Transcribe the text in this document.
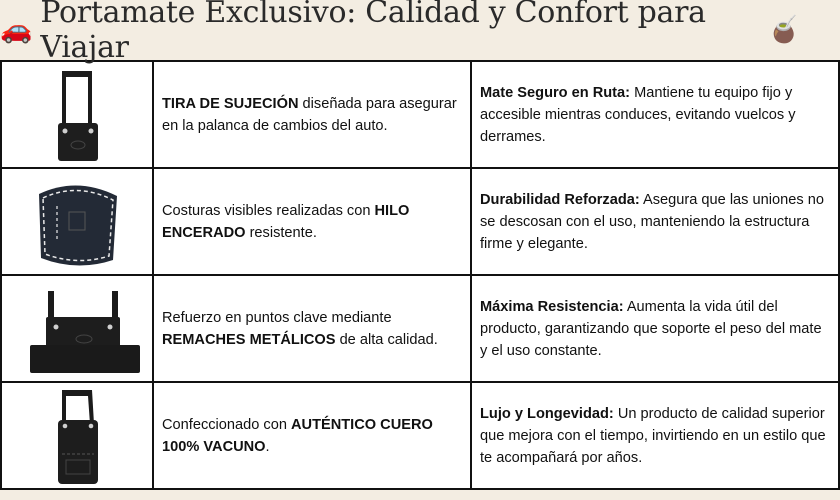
🚗 Portamate Exclusivo: Calidad y Confort para Viajar	🧉
	TIRA DE SUJECIÓN diseñada para asegurar en la palanca de cambios del auto.	Mate Seguro en Ruta: Mantiene tu equipo fijo y accesible mientras conduces, evitando vuelcos y derrames.

	Costuras visibles realizadas con HILO ENCERADO resistente.	Durabilidad Reforzada: Asegura que las uniones no se descosan con el uso, manteniendo la estructura firme y elegante.

	Refuerzo en puntos clave mediante REMACHES METÁLICOS de alta calidad.	Máxima Resistencia: Aumenta la vida útil del producto, garantizando que soporte el peso del mate y el uso constante.

	Confeccionado con AUTÉNTICO CUERO 100% VACUNO.	Lujo y Longevidad: Un producto de calidad superior que mejora con el tiempo, invirtiendo en un estilo que te acompañará por años.
